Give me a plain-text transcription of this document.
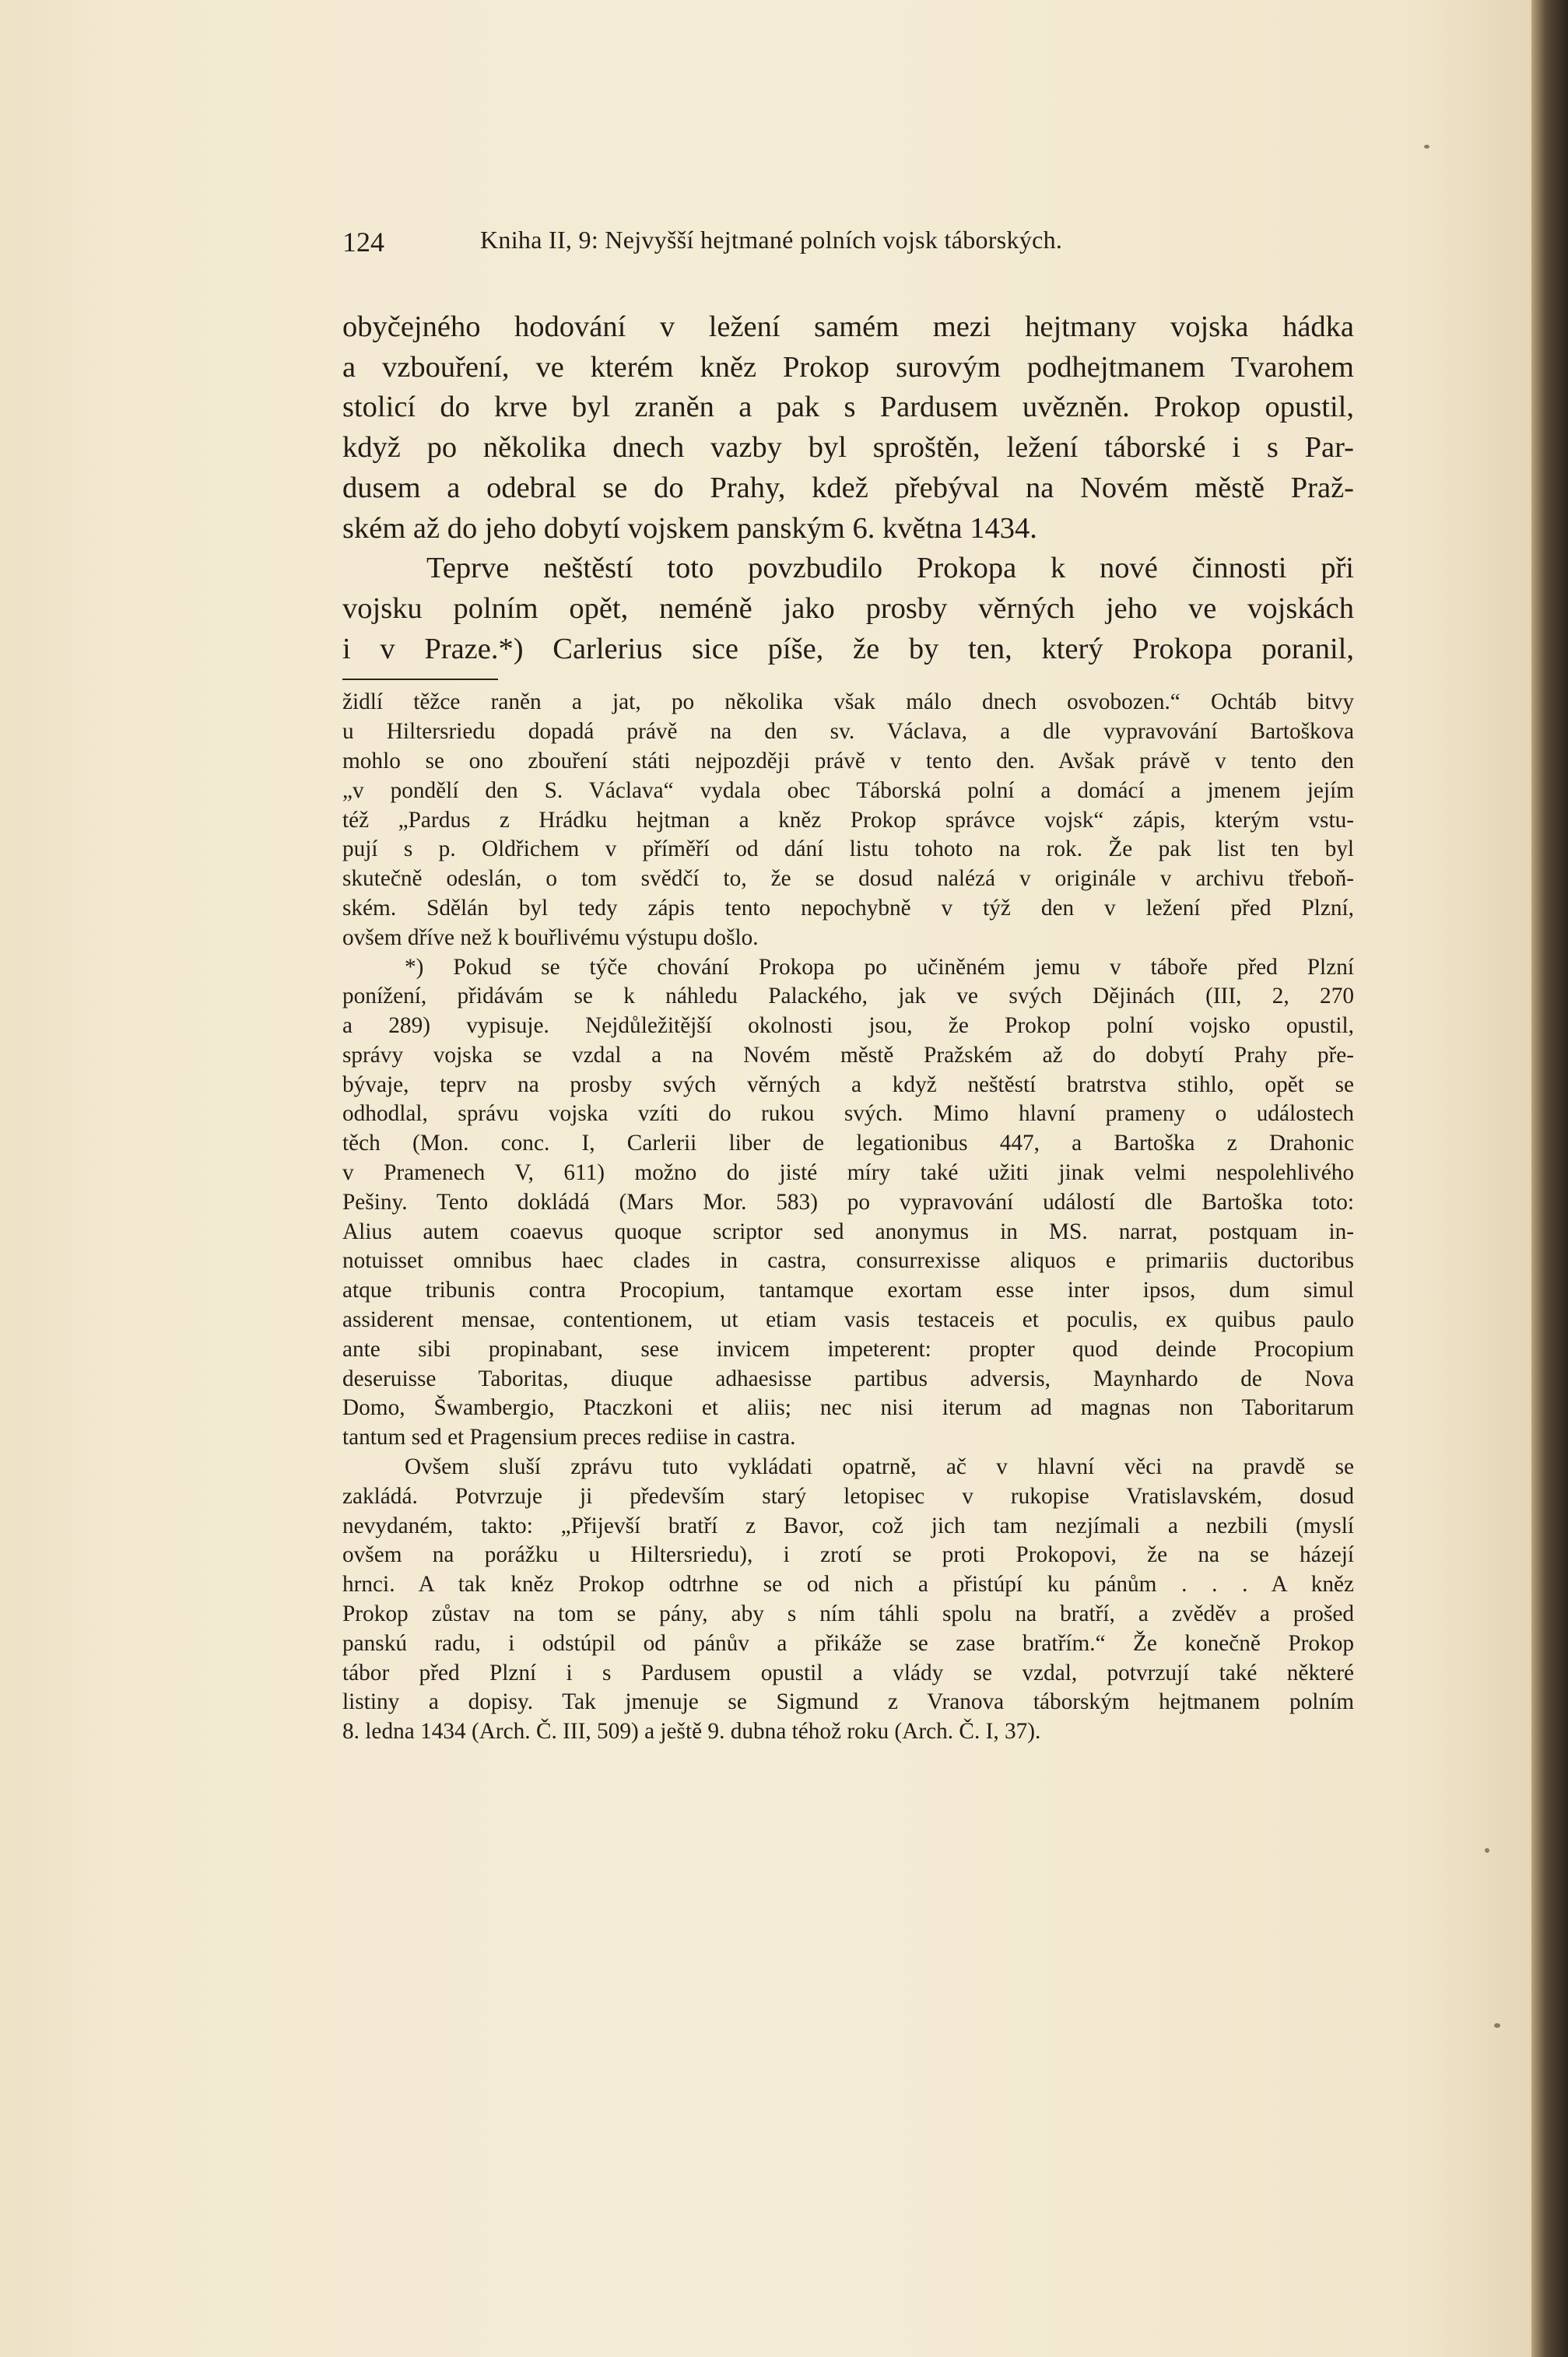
124	Kniha II, 9: Nejvyšší hejtmané polních vojsk táborských.
obyčejného hodování v ležení samém mezi hejtmany vojska hádka
a vzbouření, ve kterém kněz Prokop surovým podhejtmanem Tvarohem
stolicí do krve byl zraněn a pak s Pardusem uvězněn. Prokop opustil,
když po několika dnech vazby byl sproštěn, ležení táborské i s Par-
dusem a odebral se do Prahy, kdež přebýval na Novém městě Praž-
ském až do jeho dobytí vojskem panským 6. května 1434.
Teprve neštěstí toto povzbudilo Prokopa k nové činnosti při
vojsku polním opět, neméně jako prosby věrných jeho ve vojskách
i v Praze.*) Carlerius sice píše, že by ten, který Prokopa poranil,
židlí těžce raněn a jat, po několika však málo dnech osvobozen.“ Ochtáb bitvy
u Hiltersriedu dopadá právě na den sv. Václava, a dle vypravování Bartoškova
mohlo se ono zbouření státi nejpozději právě v tento den. Avšak právě v tento den
„v pondělí den S. Václava“ vydala obec Táborská polní a domácí a jmenem jejím
též „Pardus z Hrádku hejtman a kněz Prokop správce vojsk“ zápis, kterým vstu-
pují s p. Oldřichem v příměří od dání listu tohoto na rok. Že pak list ten byl
skutečně odeslán, o tom svědčí to, že se dosud nalézá v originále v archivu třeboň-
ském. Sdělán byl tedy zápis tento nepochybně v týž den v ležení před Plzní,
ovšem dříve než k bouřlivému výstupu došlo.
*) Pokud se týče chování Prokopa po učiněném jemu v táboře před Plzní
ponížení, přidávám se k náhledu Palackého, jak ve svých Dějinách (III, 2, 270
a 289) vypisuje. Nejdůležitější okolnosti jsou, že Prokop polní vojsko opustil,
správy vojska se vzdal a na Novém městě Pražském až do dobytí Prahy pře-
bývaje, teprv na prosby svých věrných a když neštěstí bratrstva stihlo, opět se
odhodlal, správu vojska vzíti do rukou svých. Mimo hlavní prameny o událostech
těch (Mon. conc. I, Carlerii liber de legationibus 447, a Bartoška z Drahonic
v Pramenech V, 611) možno do jisté míry také užiti jinak velmi nespolehlivého
Pešiny. Tento dokládá (Mars Mor. 583) po vypravování událostí dle Bartoška toto:
Alius autem coaevus quoque scriptor sed anonymus in MS. narrat, postquam in-
notuisset omnibus haec clades in castra, consurrexisse aliquos e primariis ductoribus
atque tribunis contra Procopium, tantamque exortam esse inter ipsos, dum simul
assiderent mensae, contentionem, ut etiam vasis testaceis et poculis, ex quibus paulo
ante sibi propinabant, sese invicem impeterent: propter quod deinde Procopium
deseruisse Taboritas, diuque adhaesisse partibus adversis, Maynhardo de Nova
Domo, Šwambergio, Ptaczkoni et aliis; nec nisi iterum ad magnas non Taboritarum
tantum sed et Pragensium preces rediise in castra.
Ovšem sluší zprávu tuto vykládati opatrně, ač v hlavní věci na pravdě se
zakládá. Potvrzuje ji především starý letopisec v rukopise Vratislavském, dosud
nevydaném, takto: „Přijevší bratří z Bavor, což jich tam nezjímali a nezbili (myslí
ovšem na porážku u Hiltersriedu), i zrotí se proti Prokopovi, že na se házejí
hrnci. A tak kněz Prokop odtrhne se od nich a přistúpí ku pánům . . . A kněz
Prokop zůstav na tom se pány, aby s ním táhli spolu na bratří, a zvěděv a prošed
panskú radu, i odstúpil od pánův a přikáže se zase bratřím.“ Že konečně Prokop
tábor před Plzní i s Pardusem opustil a vlády se vzdal, potvrzují také některé
listiny a dopisy. Tak jmenuje se Sigmund z Vranova táborským hejtmanem polním
8. ledna 1434 (Arch. Č. III, 509) a ještě 9. dubna téhož roku (Arch. Č. I, 37).
